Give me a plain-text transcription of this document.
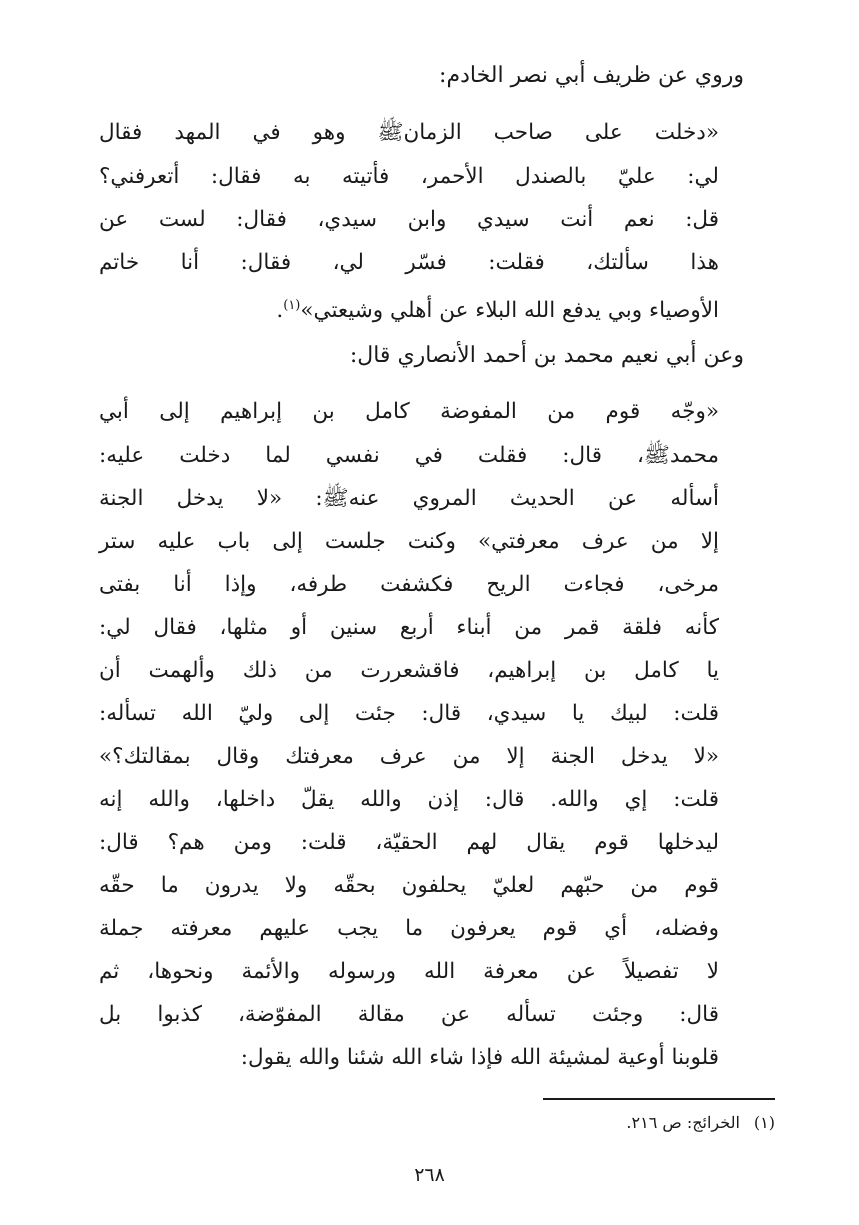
وروي عن ظريف أبي نصر الخادم:
«دخلت على صاحب الزمان‏ﷺ وهو في المهد فقال
لي: عليّ بالصندل الأحمر، فأتيته به فقال: أتعرفني؟
قل: نعم أنت سيدي وابن سيدي، فقال: لست عن
هذا سألتك، فقلت: فسّر لي، فقال: أنا خاتم
الأوصياء وبي يدفع الله البلاء عن أهلي وشيعتي»$^{(١)}$.
وعن أبي نعيم محمد بن أحمد الأنصاري قال:
«وجّه قوم من المفوضة كامل بن إبراهيم إلى أبي
محمد‏ﷺ، قال: فقلت في نفسي لما دخلت عليه:
أسأله عن الحديث المروي عنه‏ﷺ: «لا يدخل الجنة
إلا من عرف معرفتي» وكنت جلست إلى باب عليه ستر
مرخى، فجاءت الريح فكشفت طرفه، وإذا أنا بفتى
كأنه فلقة قمر من أبناء أربع سنين أو مثلها، فقال لي:
يا كامل بن إبراهيم، فاقشعررت من ذلك وألهمت أن
قلت: لبيك يا سيدي، قال: جئت إلى وليّ الله تسأله:
«لا يدخل الجنة إلا من عرف معرفتك وقال بمقالتك؟»
قلت: إي والله. قال: إذن والله يقلّ داخلها، والله إنه
ليدخلها قوم يقال لهم الحقيّة، قلت: ومن هم؟ قال:
قوم من حبّهم لعليّ يحلفون بحقّه ولا يدرون ما حقّه
وفضله، أي قوم يعرفون ما يجب عليهم معرفته جملة
لا تفصيلاً عن معرفة الله ورسوله والأئمة ونحوها، ثم
قال: وجئت تسأله عن مقالة المفوّضة، كذبوا بل
قلوبنا أوعية لمشيئة الله فإذا شاء الله شئنا والله يقول:
(١)الخرائج: ص ٢١٦.
٢٦٨
